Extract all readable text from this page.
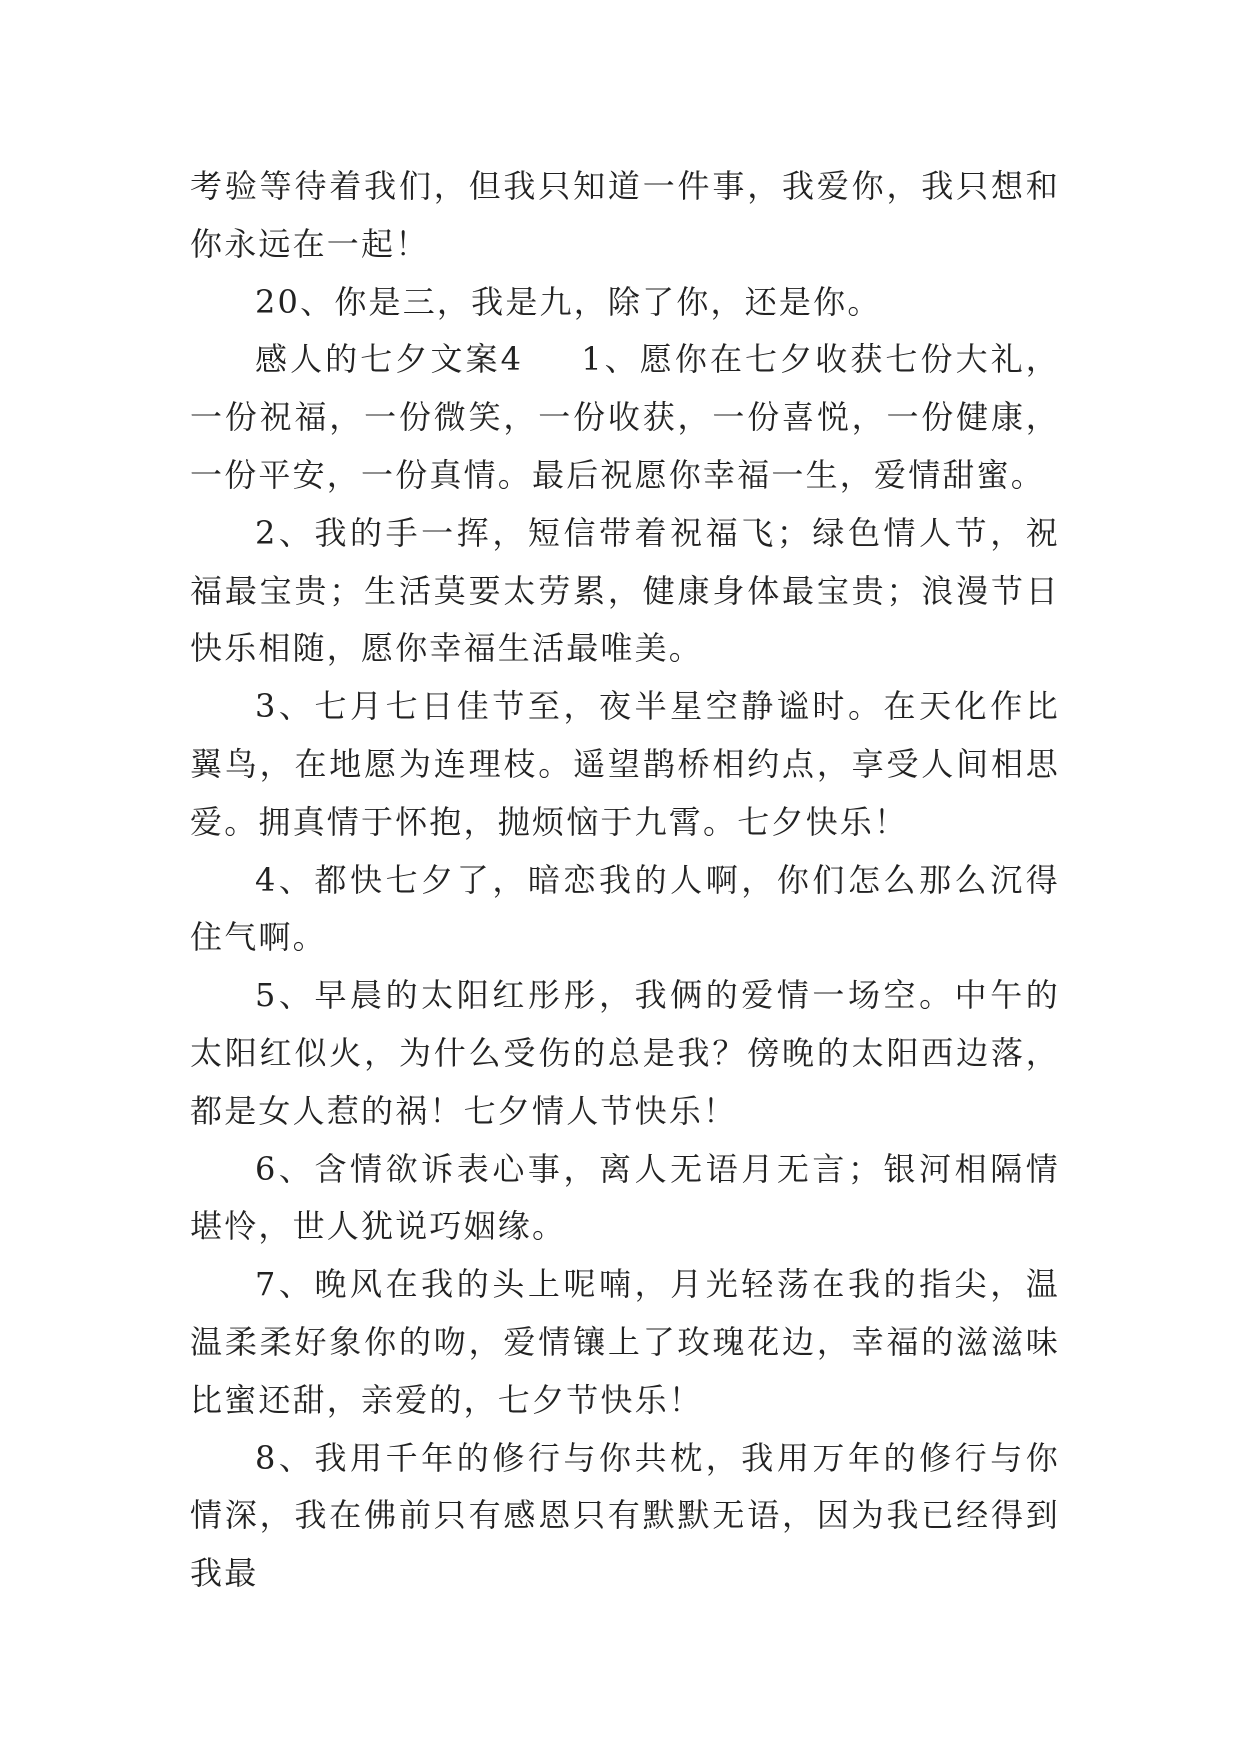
考验等待着我们，但我只知道一件事，我爱你，我只想和你永远在一起！

20、你是三，我是九，除了你，还是你。

感人的七夕文案4 1、愿你在七夕收获七份大礼，一份祝福，一份微笑，一份收获，一份喜悦，一份健康，一份平安，一份真情。最后祝愿你幸福一生，爱情甜蜜。

2、我的手一挥，短信带着祝福飞；绿色情人节，祝福最宝贵；生活莫要太劳累，健康身体最宝贵；浪漫节日快乐相随，愿你幸福生活最唯美。

3、七月七日佳节至，夜半星空静谧时。在天化作比翼鸟，在地愿为连理枝。遥望鹊桥相约点，享受人间相思爱。拥真情于怀抱，抛烦恼于九霄。七夕快乐！

4、都快七夕了，暗恋我的人啊，你们怎么那么沉得住气啊。

5、早晨的太阳红彤彤，我俩的爱情一场空。中午的太阳红似火，为什么受伤的总是我？傍晚的太阳西边落，都是女人惹的祸！七夕情人节快乐！

6、含情欲诉表心事，离人无语月无言；银河相隔情堪怜，世人犹说巧姻缘。

7、晚风在我的头上呢喃，月光轻荡在我的指尖，温温柔柔好象你的吻，爱情镶上了玫瑰花边，幸福的滋滋味比蜜还甜，亲爱的，七夕节快乐！

8、我用千年的修行与你共枕，我用万年的修行与你情深，我在佛前只有感恩只有默默无语，因为我已经得到我最
